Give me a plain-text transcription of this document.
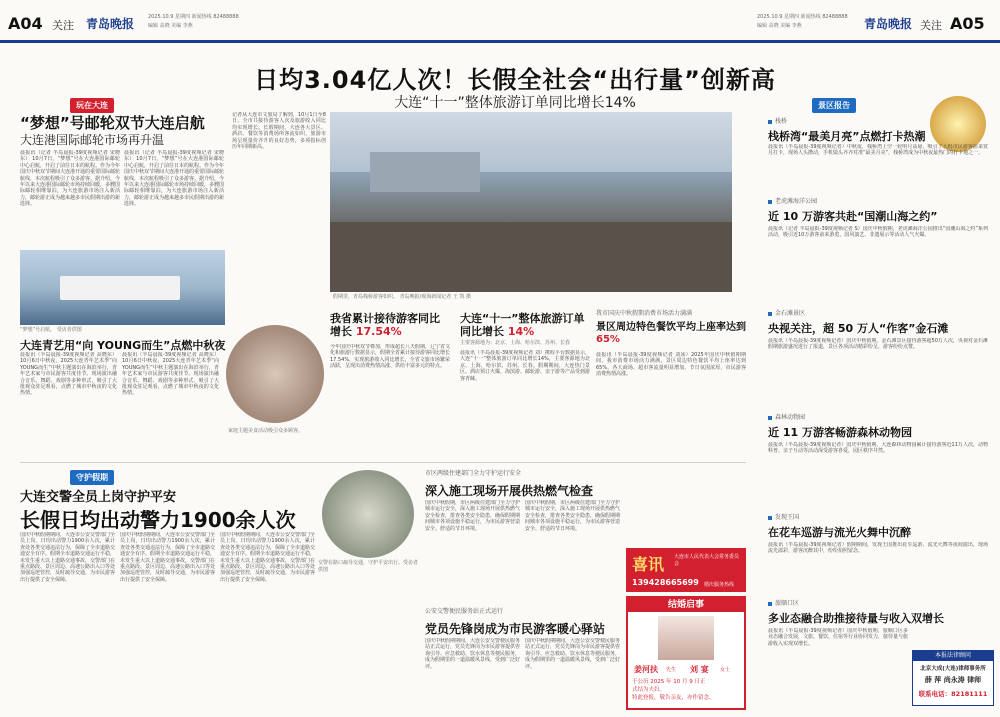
A04 关注 青岛晚报	2025.10.9 星期四 新闻热线 82488888
编辑 高晓 美编 李燕
2025.10.9 星期四 新闻热线 82488888
编辑 高晓 美编 李燕	青岛晚报 关注 A05
日均3.04亿人次！长假全社会“出行量”创新高
大连“十一”整体旅游订单同比增长14%
假期里，青岛栈桥游客如织。 青岛晚报/观海新闻记者 王 凯 摄
玩在大连
“梦想”号邮轮双节大连启航
大连港国际邮轮市场再升温
晨报讯（记者 半岛晨报-39度视频记者 宋晓东） 10月7日，“梦想”号在大连港国际邮轮中心启航，开启了前往日本的航程。作为今年国庆中秋双节期间大连港开通的重要国际邮轮航线，本次航程吸引了众多游客。据介绍，今年以来大连港国际邮轮市场持续回暖，多艘国际邮轮相继靠泊，为大连旅游市场注入新活力，邮轮游正成为越来越多市民假期出游的新选择。
晨报讯（记者 半岛晨报-39度视频记者 宋晓东） 10月7日，“梦想”号在大连港国际邮轮中心启航，开启了前往日本的航程。作为今年国庆中秋双节期间大连港开通的重要国际邮轮航线，本次航程吸引了众多游客。据介绍，今年以来大连港国际邮轮市场持续回暖，多艘国际邮轮相继靠泊，为大连旅游市场注入新活力，邮轮游正成为越来越多市民假期出游的新选择。
“梦想”号启航。 受访者供图
大连青艺用“向 YOUNG而生”点燃中秋夜
晨报讯（半岛晨报-39度视频记者 高晓东）10月6日中秋夜，2025大连青年艺术季“向 YOUNG而生”中秋主题演出在海滨举行，青年艺术家与市民游客共度佳节。现场演出融合音乐、舞蹈、戏剧等多种形式，吸引了大批观众驻足观看，点燃了城市中秋夜的文化热情。
晨报讯（半岛晨报-39度视频记者 高晓东）10月6日中秋夜，2025大连青年艺术季“向 YOUNG而生”中秋主题演出在海滨举行，青年艺术家与市民游客共度佳节。现场演出融合音乐、舞蹈、戏剧等多种形式，吸引了大批观众驻足观看，点燃了城市中秋夜的文化热情。
记者从大连市文旅局了解到，10月1日至8日，全市共接待游客人次及旅游收入同比均实现增长。长假期间，大连各大景区、酒店、餐饮等消费场所客流如织，旅游市场呈现量价齐升的良好态势，多项指标创历年同期新高。
家庭主题美食活动吸引众多顾客。
我省累计接待游客同比增长 17.54%
今年国庆中秋双节叠加，形成超长八天假期，辽宁省文化和旅游厅数据显示，假期全省累计接待游客同比增长17.54%，实现旅游收入同比增长，全省文旅市场繁荣活跃，呈现出消费热情高涨、供给丰富多元的特点。
大连“十一”整体旅游订单同比增长 14%
主要客源地为：北京、上海、哈尔滨、苏州、长春
晨报讯（半岛晨报-39度视频记者 刘）携程平台数据显示，大连“十一”整体旅游订单同比增长14%，主要客源地为北京、上海、哈尔滨、苏州、长春。假期期间，大连热门景区、酒店预订火爆，海滨游、邮轮游、亲子游等产品受到游客青睐。
我市国庆中秋假期消费市场活力满满
景区周边特色餐饮平均上座率达到 65%
晨报讯（半岛晨报-39度视频记者 刘冰）2025年国庆中秋假期期间，我市消费市场活力满满，景区周边特色餐饮平均上座率达到65%，各大商场、超市客流量明显增加，节日氛围浓厚，市民游客消费热情高涨。
守护假期
大连交警全员上岗守护平安
长假日均出动警力1900余人次
国庆中秋假期期间，大连市公安交警部门全员上岗，日均出动警力1900余人次，累计查处各类交通违法行为，保障了全市道路交通安全有序。假期全市道路交通运行平稳，未发生重大以上道路交通事故，交警部门在重点路段、景区周边、高速公路出入口等处加强巡逻管控，及时疏导交通，为市民游客出行提供了安全保障。
国庆中秋假期期间，大连市公安交警部门全员上岗，日均出动警力1900余人次，累计查处各类交通违法行为，保障了全市道路交通安全有序。假期全市道路交通运行平稳，未发生重大以上道路交通事故，交警部门在重点路段、景区周边、高速公路出入口等处加强巡逻管控，及时疏导交通，为市民游客出行提供了安全保障。
国庆中秋假期期间，大连市公安交警部门全员上岗，日均出动警力1900余人次，累计查处各类交通违法行为，保障了全市道路交通安全有序。假期全市道路交通运行平稳，未发生重大以上道路交通事故，交警部门在重点路段、景区周边、高速公路出入口等处加强巡逻管控，及时疏导交通，为市民游客出行提供了安全保障。
交警在路口疏导交通，守护平安出行。受访者供图
市区两级住建部门全力守护运行安全
深入施工现场开展供热燃气检查
国庆中秋假期，市区两级住建部门全力守护城市运行安全，深入施工现场开展供热燃气安全检查，排查各类安全隐患，确保假期期间城市各项设施平稳运行，为市民游客营造安全、舒适的节日环境。
国庆中秋假期，市区两级住建部门全力守护城市运行安全，深入施工现场开展供热燃气安全检查，排查各类安全隐患，确保假期期间城市各项设施平稳运行，为市民游客营造安全、舒适的节日环境。
公安交警便民服务站正式运行
党员先锋岗成为市民游客暖心驿站
国庆中秋假期期间，大连公安交警便民服务站正式运行，党员先锋岗为市民游客提供咨询引导、应急救助、饮水休息等便民服务，成为假期里的一道温暖风景线，受到广泛好评。
国庆中秋假期期间，大连公安交警便民服务站正式运行，党员先锋岗为市民游客提供咨询引导、应急救助、饮水休息等便民服务，成为假期里的一道温暖风景线，受到广泛好评。
喜讯 大连市人民代表大会常务委员会
139428665699 婚庆服务热线
结婚启事
姜河扶 先生 刘 宴 女士
于公历 2025 年 10 月 9 日正
式结为夫妇。
特此登报，敬告亲友，亦作留念。
景区报告
栈桥
栈桥湾“最美月亮”点燃打卡热潮
晨报讯（半岛晨报-39度视频记者）中秋夜，栈桥湾上空一轮明月高悬，吸引了大批市民游客前来赏月打卡，现场人头攒动，手机镜头齐齐对准“最美月亮”，栈桥湾成为中秋夜最热门的打卡地之一。
老虎滩海洋公园
近 10 万游客共赴“国潮山海之约”
晨报讯（记者 半岛晨报-39度视频记者 S）国庆中秋假期，老虎滩海洋公园推出“国潮山海之约”系列活动，吸引近10万游客前来游览，国风演艺、非遗展示等活动人气火爆。
金石滩景区
央视关注，超 50 万人“作客”金石滩
晨报讯（半岛晨报-39度视频记者）国庆中秋假期，金石滩景区接待游客超50万人次，央视对金石滩假期旅游盛况进行了报道，景区各项活动精彩纷呈，游客纷纷点赞。
森林动物园
近 11 万游客畅游森林动物园
晨报讯（半岛晨报-39度视频记者）国庆中秋假期，大连森林动物园累计接待游客近11万人次，动物科普、亲子互动等活动深受游客喜爱，园区秩序井然。
发现王国
在花车巡游与流光火舞中沉醉
晨报讯（半岛晨报-39度视频记者）假期期间，发现王国推出花车巡游、流光火舞等夜间演出，现场流光溢彩，游客沉醉其中，纷纷拍照留念。
旅顺口区
多业态融合助推接待量与收入双增长
晨报讯（半岛晨报-39度视频记者）国庆中秋假期，旅顺口区多业态融合发展，文旅、餐饮、住宿等行业协同发力，接待量与旅游收入实现双增长。
本报法律顾问
北京大成(大连)律师事务所
薛 萍 尚永涛 律师
联系电话：82181111
